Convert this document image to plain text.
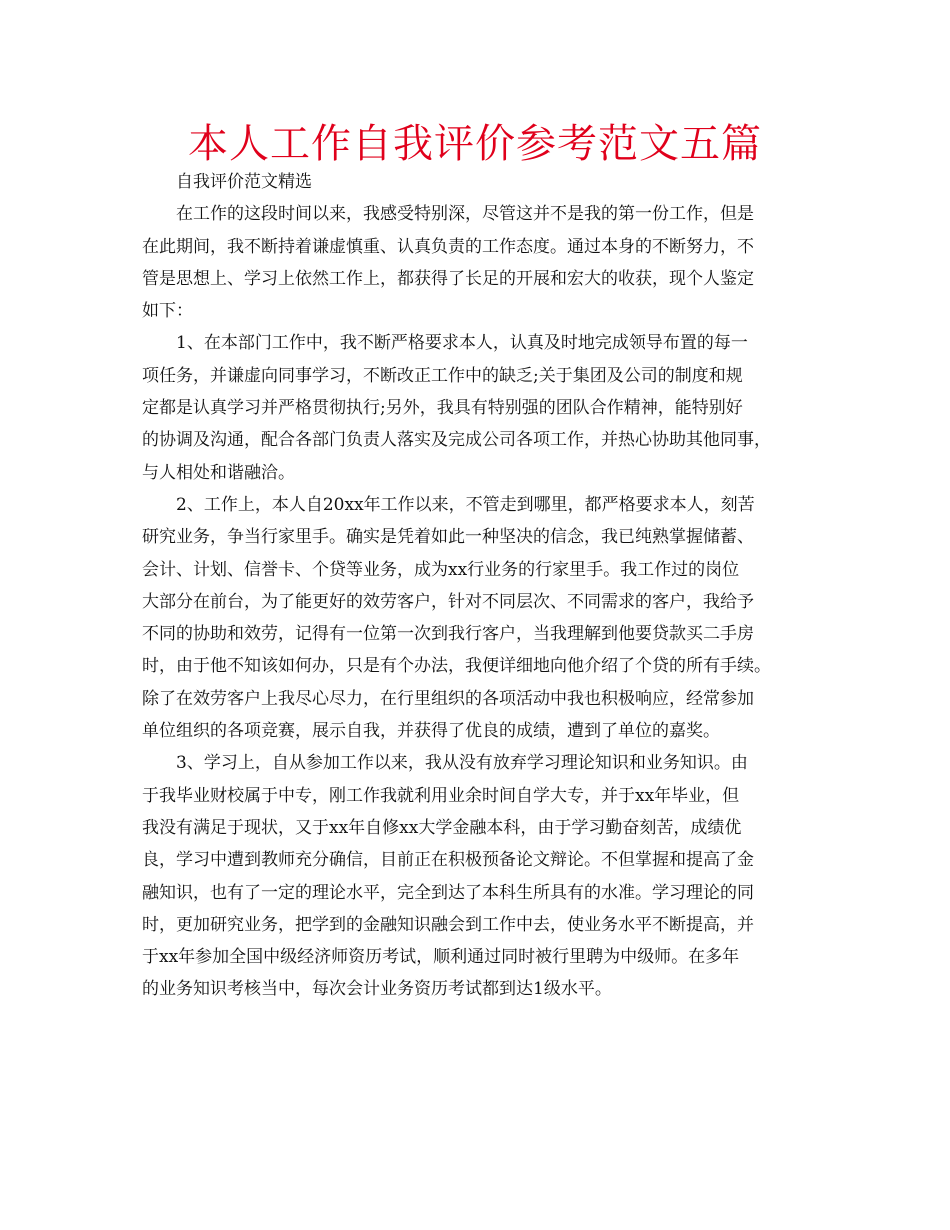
本人工作自我评价参考范文五篇
自我评价范文精选
在工作的这段时间以来，我感受特别深，尽管这并不是我的第一份工作，但是
在此期间，我不断持着谦虚慎重、认真负责的工作态度。通过本身的不断努力，不
管是思想上、学习上依然工作上，都获得了长足的开展和宏大的收获，现个人鉴定
如下：
1、在本部门工作中，我不断严格要求本人，认真及时地完成领导布置的每一
项任务，并谦虚向同事学习，不断改正工作中的缺乏;关于集团及公司的制度和规
定都是认真学习并严格贯彻执行;另外，我具有特别强的团队合作精神，能特别好
的协调及沟通，配合各部门负责人落实及完成公司各项工作，并热心协助其他同事，
与人相处和谐融洽。
2、工作上，本人自20xx年工作以来，不管走到哪里，都严格要求本人，刻苦
研究业务，争当行家里手。确实是凭着如此一种坚决的信念，我已纯熟掌握储蓄、
会计、计划、信誉卡、个贷等业务，成为xx行业务的行家里手。我工作过的岗位
大部分在前台，为了能更好的效劳客户，针对不同层次、不同需求的客户，我给予
不同的协助和效劳，记得有一位第一次到我行客户，当我理解到他要贷款买二手房
时，由于他不知该如何办，只是有个办法，我便详细地向他介绍了个贷的所有手续。
除了在效劳客户上我尽心尽力，在行里组织的各项活动中我也积极响应，经常参加
单位组织的各项竞赛，展示自我，并获得了优良的成绩，遭到了单位的嘉奖。
3、学习上，自从参加工作以来，我从没有放弃学习理论知识和业务知识。由
于我毕业财校属于中专，刚工作我就利用业余时间自学大专，并于xx年毕业，但
我没有满足于现状，又于xx年自修xx大学金融本科，由于学习勤奋刻苦，成绩优
良，学习中遭到教师充分确信，目前正在积极预备论文辩论。不但掌握和提高了金
融知识，也有了一定的理论水平，完全到达了本科生所具有的水准。学习理论的同
时，更加研究业务，把学到的金融知识融会到工作中去，使业务水平不断提高，并
于xx年参加全国中级经济师资历考试，顺利通过同时被行里聘为中级师。在多年
的业务知识考核当中，每次会计业务资历考试都到达1级水平。
